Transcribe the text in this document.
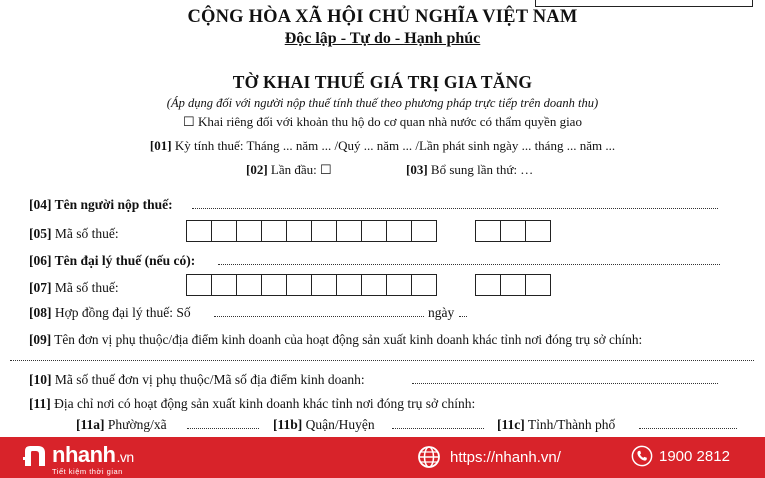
CỘNG HÒA XÃ HỘI CHỦ NGHĨA VIỆT NAM
Độc lập - Tự do - Hạnh phúc
TỜ KHAI THUẾ GIÁ TRỊ GIA TĂNG
(Áp dụng đối với người nộp thuế tính thuế theo phương pháp trực tiếp trên doanh thu)
☐ Khai riêng đối với khoản thu hộ do cơ quan nhà nước có thẩm quyền giao
[01] Kỳ tính thuế: Tháng ... năm ... /Quý ... năm ... /Lần phát sinh ngày ... tháng ... năm ...
[02] Lần đầu: ☐	[03] Bổ sung lần thứ: …
[04] Tên người nộp thuế:
[05] Mã số thuế:
[06] Tên đại lý thuế (nếu có):
[07] Mã số thuế:
[08] Hợp đồng đại lý thuế: Số	ngày
[09] Tên đơn vị phụ thuộc/địa điểm kinh doanh của hoạt động sản xuất kinh doanh khác tỉnh nơi đóng trụ sở chính:
[10] Mã số thuế đơn vị phụ thuộc/Mã số địa điểm kinh doanh:
[11] Địa chỉ nơi có hoạt động sản xuất kinh doanh khác tỉnh nơi đóng trụ sở chính:
[11a] Phường/xã	[11b] Quận/Huyện	[11c] Tỉnh/Thành phố
nhanh.vn
Tiết kiệm thời gian
https://nhanh.vn/	1900 2812
